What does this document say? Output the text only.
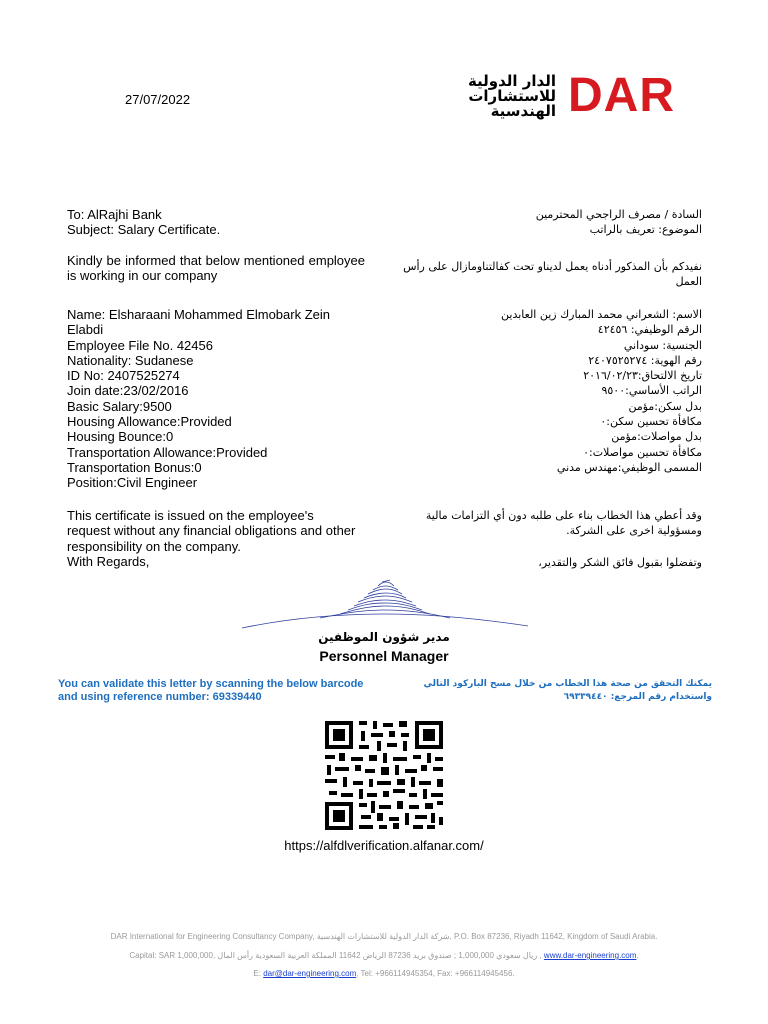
27/07/2022
الدار الدولية
للاستشارات
الهندسية DAR
To: AlRajhi Bank
Subject: Salary Certificate.
Kindly be informed that below mentioned employee is working in our company
Name: Elsharaani Mohammed Elmobark Zein
Elabdi
Employee File No. 42456
Nationality: Sudanese
ID No: 2407525274
Join date:23/02/2016
Basic Salary:9500
Housing Allowance:Provided
Housing Bounce:0
Transportation Allowance:Provided
Transportation Bonus:0
Position:Civil Engineer
This certificate is issued on the employee's request without any financial obligations and other responsibility on the company.
With Regards,
السادة / مصرف الراجحي المحترمين
الموضوع: تعريف بالراتب
نفيدكم بأن المذكور أدناه يعمل لديناو تحت كفالتناومازال على رأس العمل
الاسم: الشعراني محمد المبارك زين العابدين
الرقم الوظيفي: ٤٢٤٥٦
الجنسية: سوداني
رقم الهوية: ٢٤٠٧٥٢٥٢٧٤
تاريخ الالتحاق:٢٠١٦/٠٢/٢٣
الراتب الأساسي:٩٥٠٠
بدل سكن:مؤمن
مكافأة تحسين سكن:٠
بدل مواصلات:مؤمن
مكافأة تحسين مواصلات:٠
المسمى الوظيفي:مهندس مدني
وقد أعطي هذا الخطاب بناء على طلبه دون أي التزامات مالية ومسؤولية اخرى على الشركة.
وتفضلوا بقبول فائق الشكر والتقدير،
مدير شؤون الموظفين
Personnel Manager
You can validate this letter by scanning the below barcode
and using reference number: 69339440
يمكنك التحقق من صحة هذا الخطاب من خلال مسح الباركود التالي
واستخدام رقم المرجع: ٦٩٣٣٩٤٤٠
https://alfdlverification.alfanar.com/
DAR International for Engineering Consultancy Company, شركة الدار الدولية للاستشارات الهندسية, P.O. Box 87236, Riyadh 11642, Kingdom of Saudi Arabia.
Capital: SAR 1,000,000, ريال سعودي 1,000,000 ; صندوق بريد 87236 الرياض 11642 المملكة العربية السعودية رأس المال , www.dar-engineering.com.
E: dar@dar-engineering.com, Tel: +966114945354, Fax: +966114945456.
